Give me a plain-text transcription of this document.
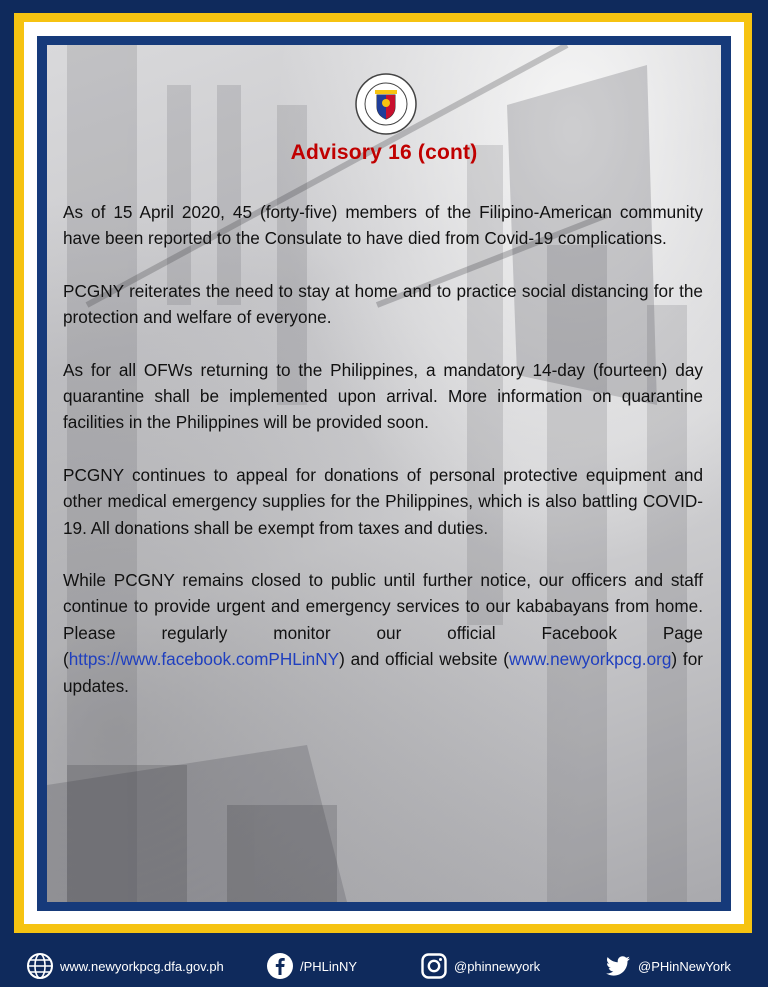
Advisory 16 (cont)

As of 15 April 2020, 45 (forty-five) members of the Filipino-American community have been reported to the Consulate to have died from Covid-19 complications.

PCGNY reiterates the need to stay at home and to practice social distancing for the protection and welfare of everyone.

As for all OFWs returning to the Philippines, a mandatory 14-day (fourteen) day quarantine shall be implemented upon arrival. More information on quarantine facilities in the Philippines will be provided soon.

PCGNY continues to appeal for donations of personal protective equipment and other medical emergency supplies for the Philippines, which is also battling COVID-19. All donations shall be exempt from taxes and duties.

While PCGNY remains closed to public until further notice, our officers and staff continue to provide urgent and emergency services to our kababayans from home. Please regularly monitor our official Facebook Page (https://www.facebook.comPHLinNY) and official website (www.newyorkpcg.org) for updates.

www.newyorkpcg.dfa.gov.ph	/PHLinNY	@phinnewyork	@PHinNewYork
